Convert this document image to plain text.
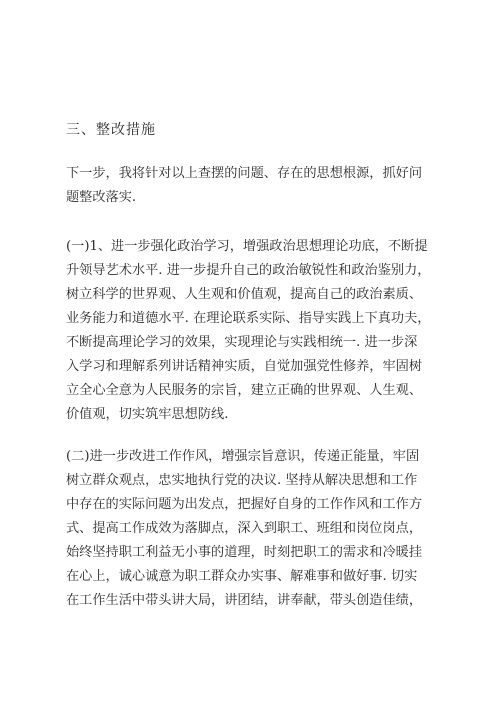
三、整改措施

下一步，我将针对以上查摆的问题、存在的思想根源，抓好问
题整改落实.

(一)1、进一步强化政治学习，增强政治思想理论功底，不断提
升领导艺术水平. 进一步提升自己的政治敏锐性和政治鉴别力，
树立科学的世界观、人生观和价值观，提高自己的政治素质、
业务能力和道德水平. 在理论联系实际、指导实践上下真功夫，
不断提高理论学习的效果，实现理论与实践相统一. 进一步深
入学习和理解系列讲话精神实质，自觉加强党性修养，牢固树
立全心全意为人民服务的宗旨，建立正确的世界观、人生观、
价值观，切实筑牢思想防线.

(二)进一步改进工作作风，增强宗旨意识，传递正能量，牢固
树立群众观点，忠实地执行党的决议. 坚持从解决思想和工作
中存在的实际问题为出发点，把握好自身的工作作风和工作方
式、提高工作成效为落脚点，深入到职工、班组和岗位岗点，
始终坚持职工利益无小事的道理，时刻把职工的需求和冷暖挂
在心上，诚心诚意为职工群众办实事、解难事和做好事. 切实
在工作生活中带头讲大局，讲团结，讲奉献，带头创造佳绩，
